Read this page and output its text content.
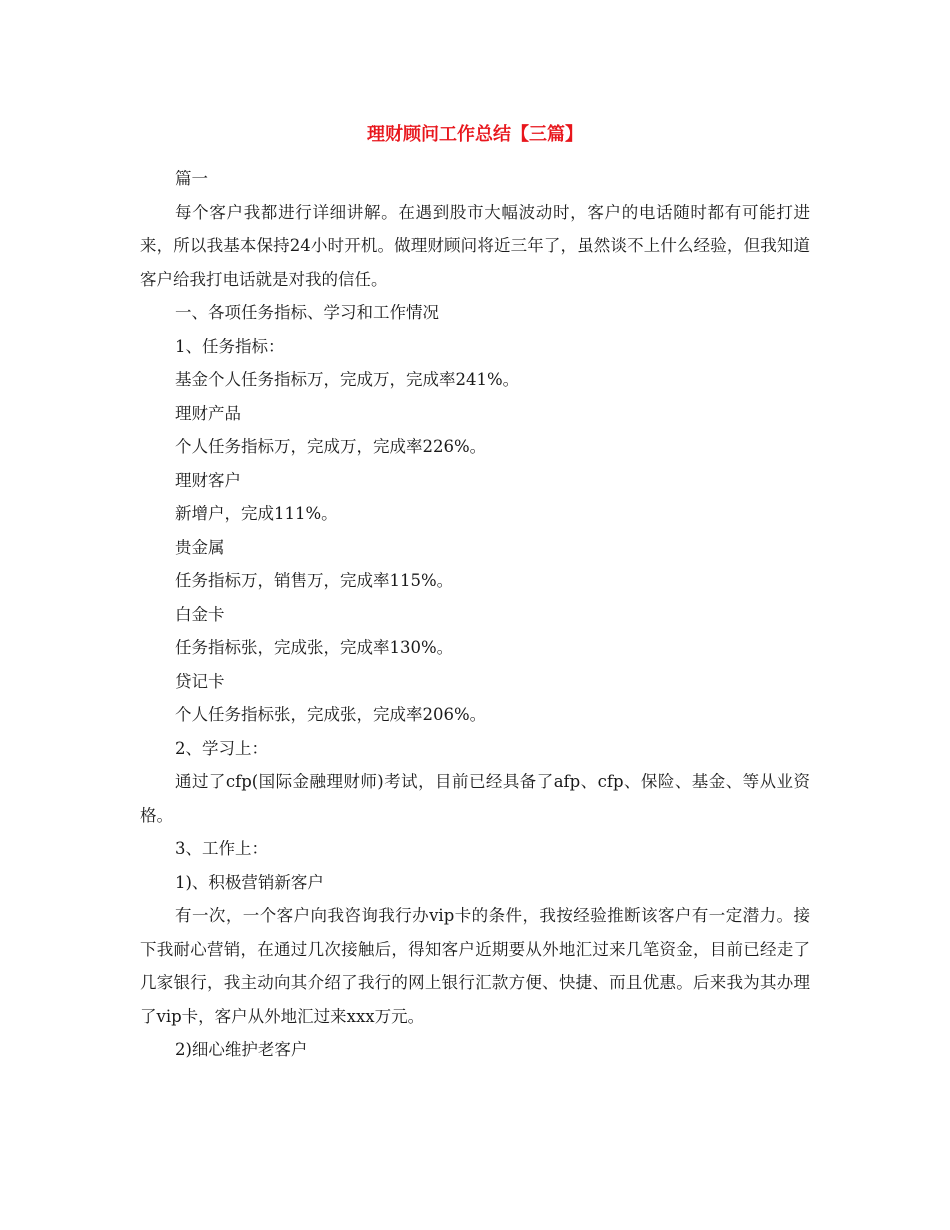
理财顾问工作总结【三篇】

篇一

每个客户我都进行详细讲解。在遇到股市大幅波动时，客户的电话随时都有可能打进来，所以我基本保持24小时开机。做理财顾问将近三年了，虽然谈不上什么经验，但我知道客户给我打电话就是对我的信任。

一、各项任务指标、学习和工作情况

1、任务指标：

基金个人任务指标万，完成万，完成率241%。

理财产品

个人任务指标万，完成万，完成率226%。

理财客户

新增户，完成111%。

贵金属

任务指标万，销售万，完成率115%。

白金卡

任务指标张，完成张，完成率130%。

贷记卡

个人任务指标张，完成张，完成率206%。

2、学习上：

通过了cfp(国际金融理财师)考试，目前已经具备了afp、cfp、保险、基金、等从业资格。

3、工作上：

1)、积极营销新客户

有一次，一个客户向我咨询我行办vip卡的条件，我按经验推断该客户有一定潜力。接下我耐心营销，在通过几次接触后，得知客户近期要从外地汇过来几笔资金，目前已经走了几家银行，我主动向其介绍了我行的网上银行汇款方便、快捷、而且优惠。后来我为其办理了vip卡，客户从外地汇过来xxx万元。

2)细心维护老客户
